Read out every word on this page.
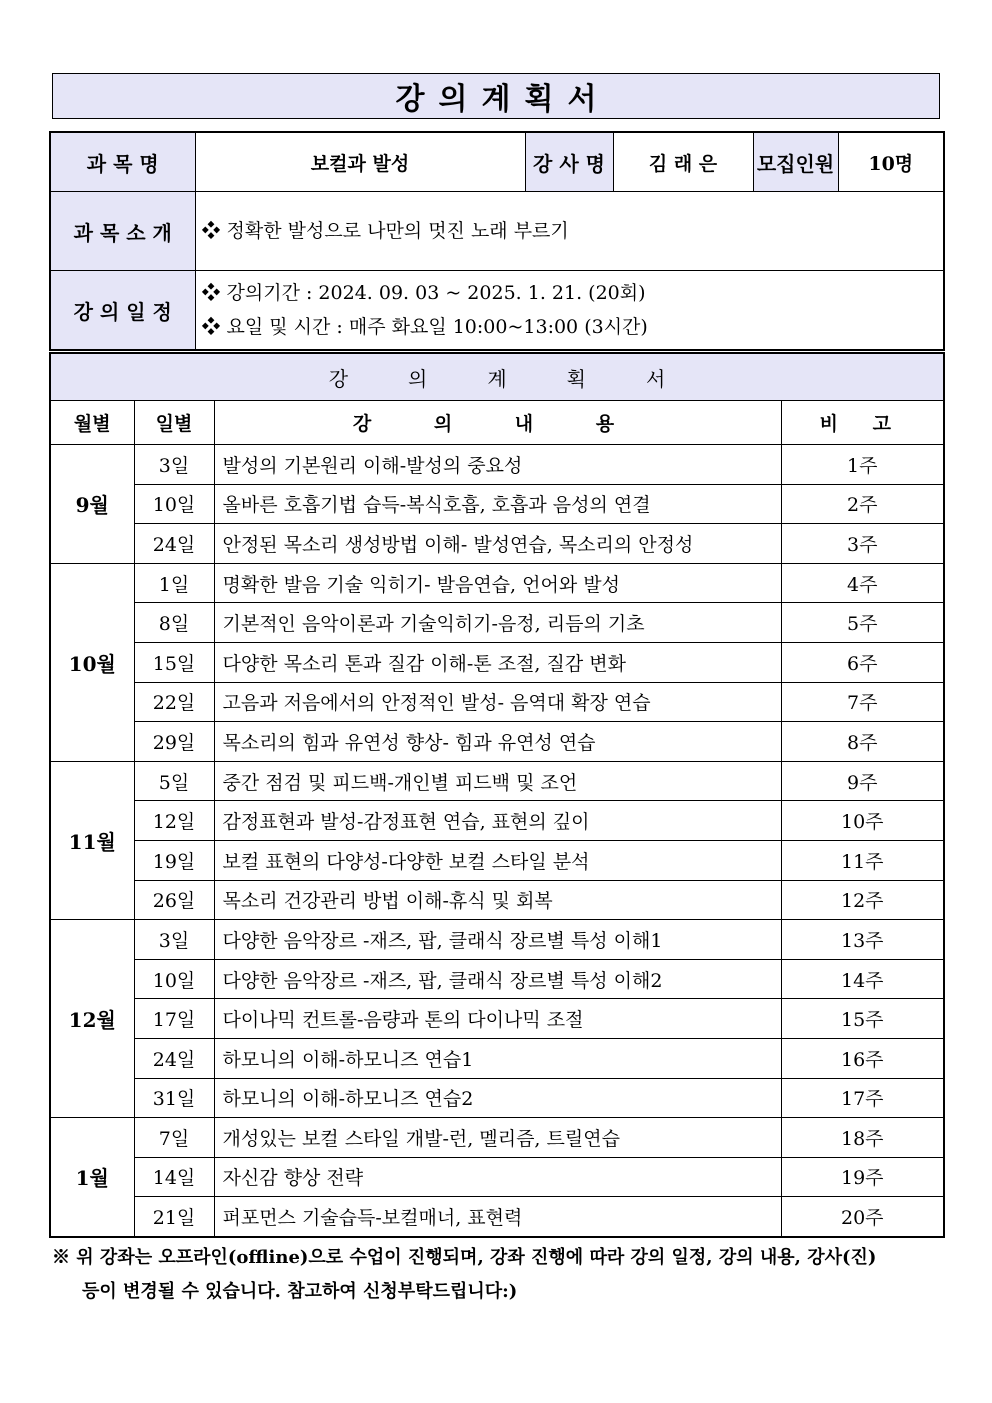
강의계획서
과 목 명	보컬과 발성	강 사 명	김 래 은	모집인원	10명
과 목 소 개	❖ 정확한 발성으로 나만의 멋진 노래 부르기				
강 의 일 정	❖ 강의기간 : 2024. 09. 03 ~ 2025. 1. 21. (20회)
❖ 요일 및 시간 : 매주 화요일 10:00~13:00 (3시간)				
강의계획서			
월별	일별	강 의 내 용	비 고
9월	3일	발성의 기본원리 이해-발성의 중요성	1주
	10일	올바른 호흡기법 습득-복식호흡, 호흡과 음성의 연결	2주
	24일	안정된 목소리 생성방법 이해- 발성연습, 목소리의 안정성	3주
10월	1일	명확한 발음 기술 익히기- 발음연습, 언어와 발성	4주
	8일	기본적인 음악이론과 기술익히기-음정, 리듬의 기초	5주
	15일	다양한 목소리 톤과 질감 이해-톤 조절, 질감 변화	6주
	22일	고음과 저음에서의 안정적인 발성- 음역대 확장 연습	7주
	29일	목소리의 힘과 유연성 향상- 힘과 유연성 연습	8주
11월	5일	중간 점검 및 피드백-개인별 피드백 및 조언	9주
	12일	감정표현과 발성-감정표현 연습, 표현의 깊이	10주
	19일	보컬 표현의 다양성-다양한 보컬 스타일 분석	11주
	26일	목소리 건강관리 방법 이해-휴식 및 회복	12주
12월	3일	다양한 음악장르 -재즈, 팝, 클래식 장르별 특성 이해1	13주
	10일	다양한 음악장르 -재즈, 팝, 클래식 장르별 특성 이해2	14주
	17일	다이나믹 컨트롤-음량과 톤의 다이나믹 조절	15주
	24일	하모니의 이해-하모니즈 연습1	16주
	31일	하모니의 이해-하모니즈 연습2	17주
1월	7일	개성있는 보컬 스타일 개발-런, 멜리즘, 트릴연습	18주
	14일	자신감 향상 전략	19주
	21일	퍼포먼스 기술습득-보컬매너, 표현력	20주
※ 위 강좌는 오프라인(offline)으로 수업이 진행되며, 강좌 진행에 따라 강의 일정, 강의 내용, 강사(진)
등이 변경될 수 있습니다. 참고하여 신청부탁드립니다:)
